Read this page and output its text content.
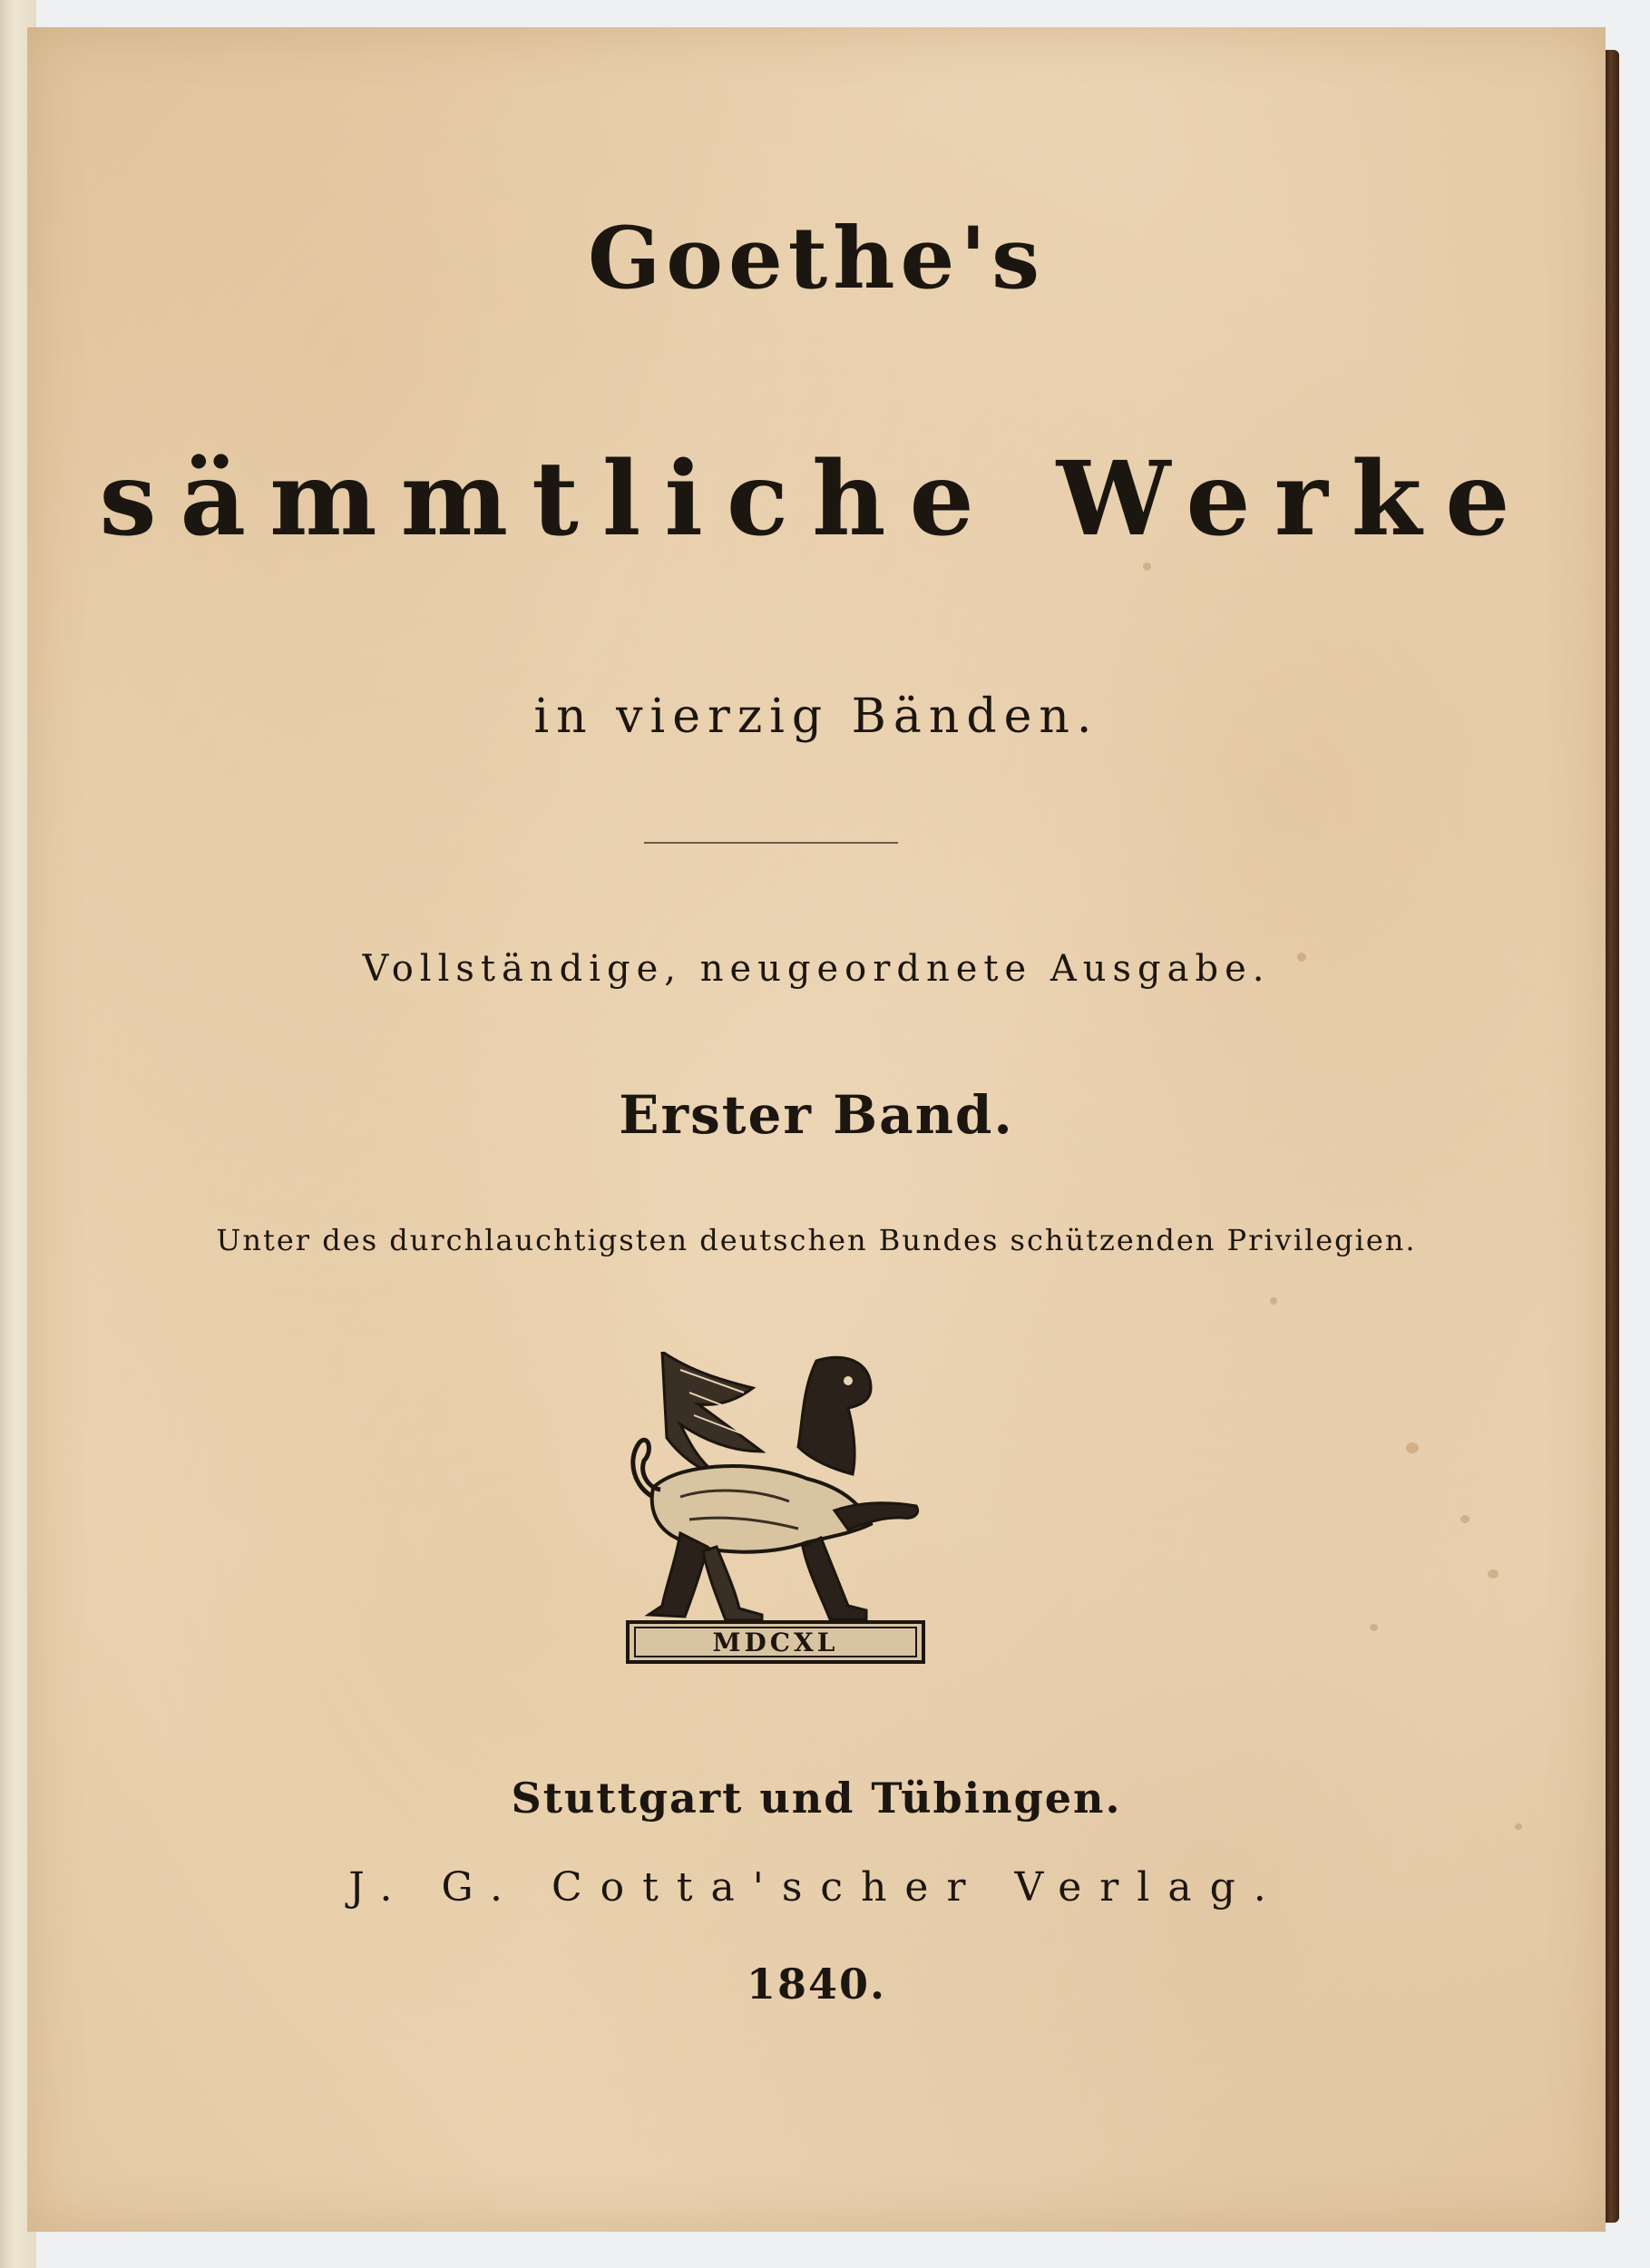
Goethe's
sämmtliche Werke
in vierzig Bänden.
Vollständige, neugeordnete Ausgabe.
Erster Band.
Unter des durchlauchtigsten deutschen Bundes schützenden Privilegien.
MDCXL
Stuttgart und Tübingen.
J. G. Cotta'scher Verlag.
1840.
